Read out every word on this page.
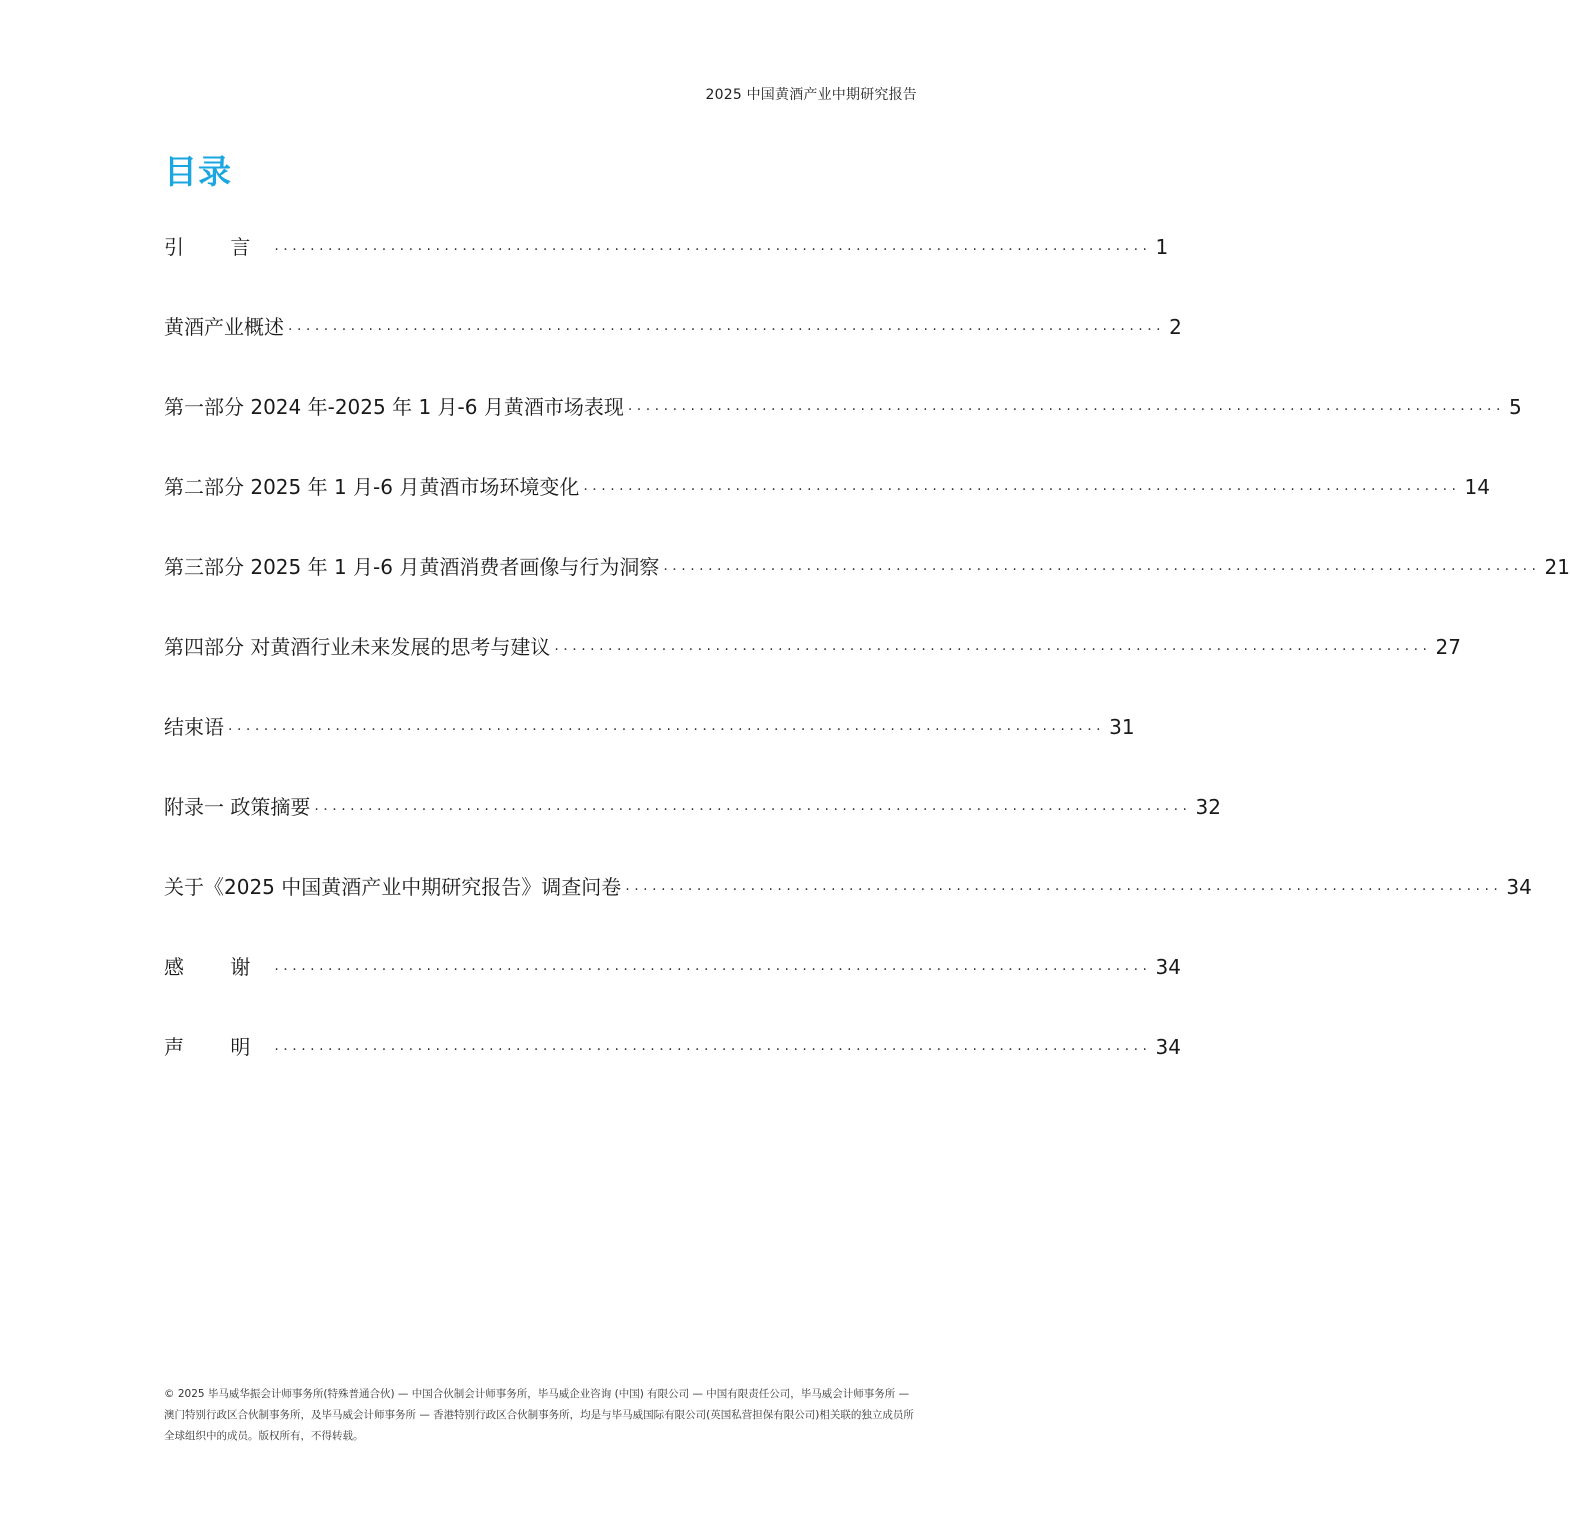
2025 中国黄酒产业中期研究报告
目录
引 言 ·································································································· 1
黄酒产业概述 ·································································································· 2
第一部分 2024 年-2025 年 1 月-6 月黄酒市场表现 ·································································································· 5
第二部分 2025 年 1 月-6 月黄酒市场环境变化 ·································································································· 14
第三部分 2025 年 1 月-6 月黄酒消费者画像与行为洞察 ·································································································· 21
第四部分 对黄酒行业未来发展的思考与建议 ·································································································· 27
结束语 ·································································································· 31
附录一 政策摘要 ·································································································· 32
关于《2025 中国黄酒产业中期研究报告》调查问卷 ·································································································· 34
感 谢 ·································································································· 34
声 明 ·································································································· 34
© 2025 毕马威华振会计师事务所(特殊普通合伙) — 中国合伙制会计师事务所，毕马威企业咨询 (中国) 有限公司 — 中国有限责任公司，毕马威会计师事务所 — 澳门特别行政区合伙制事务所，及毕马威会计师事务所 — 香港特别行政区合伙制事务所，均是与毕马威国际有限公司(英国私营担保有限公司)相关联的独立成员所全球组织中的成员。版权所有，不得转载。
